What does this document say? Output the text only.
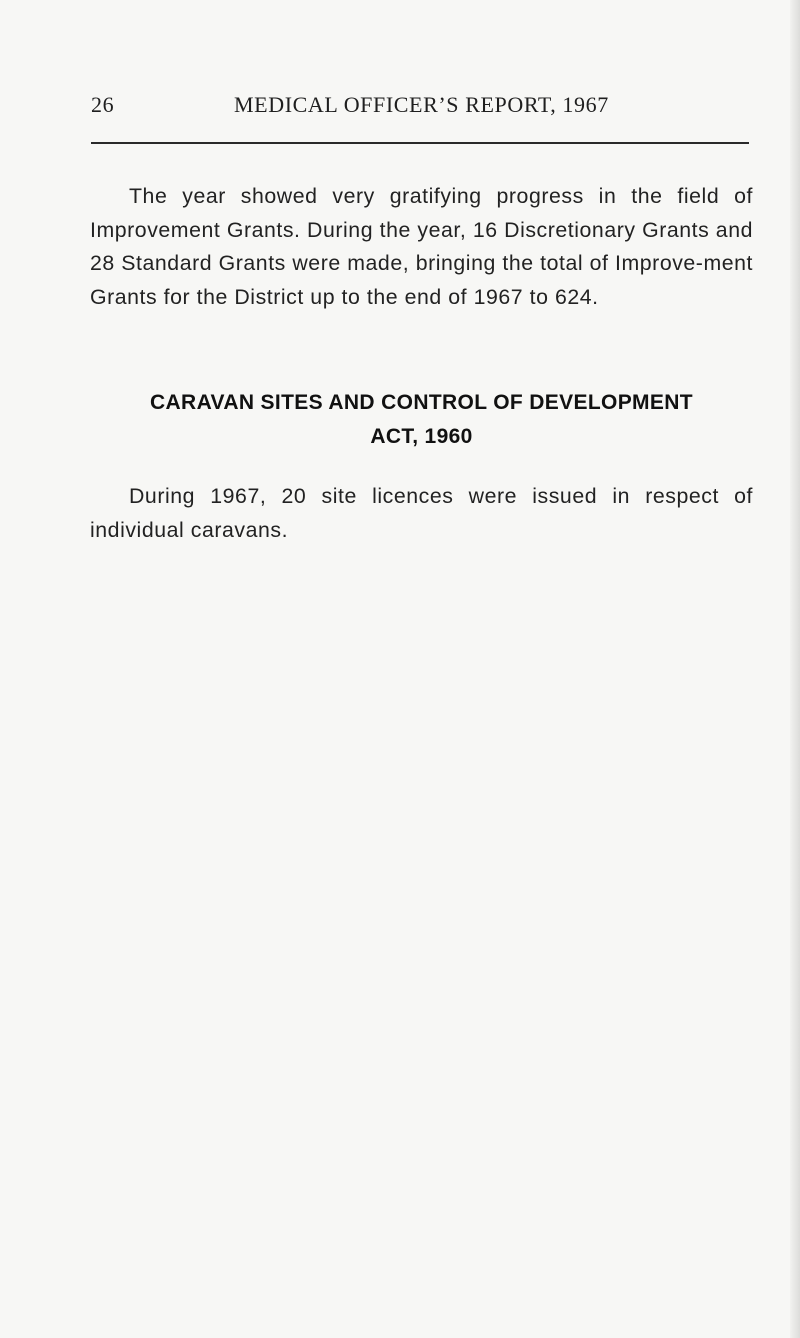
26	MEDICAL OFFICER’S REPORT, 1967

The year showed very gratifying progress in the field of Improvement Grants. During the year, 16 Discretionary Grants and 28 Standard Grants were made, bringing the total of Improve-ment Grants for the District up to the end of 1967 to 624.

CARAVAN SITES AND CONTROL OF DEVELOPMENT
ACT, 1960

During 1967, 20 site licences were issued in respect of individual caravans.
